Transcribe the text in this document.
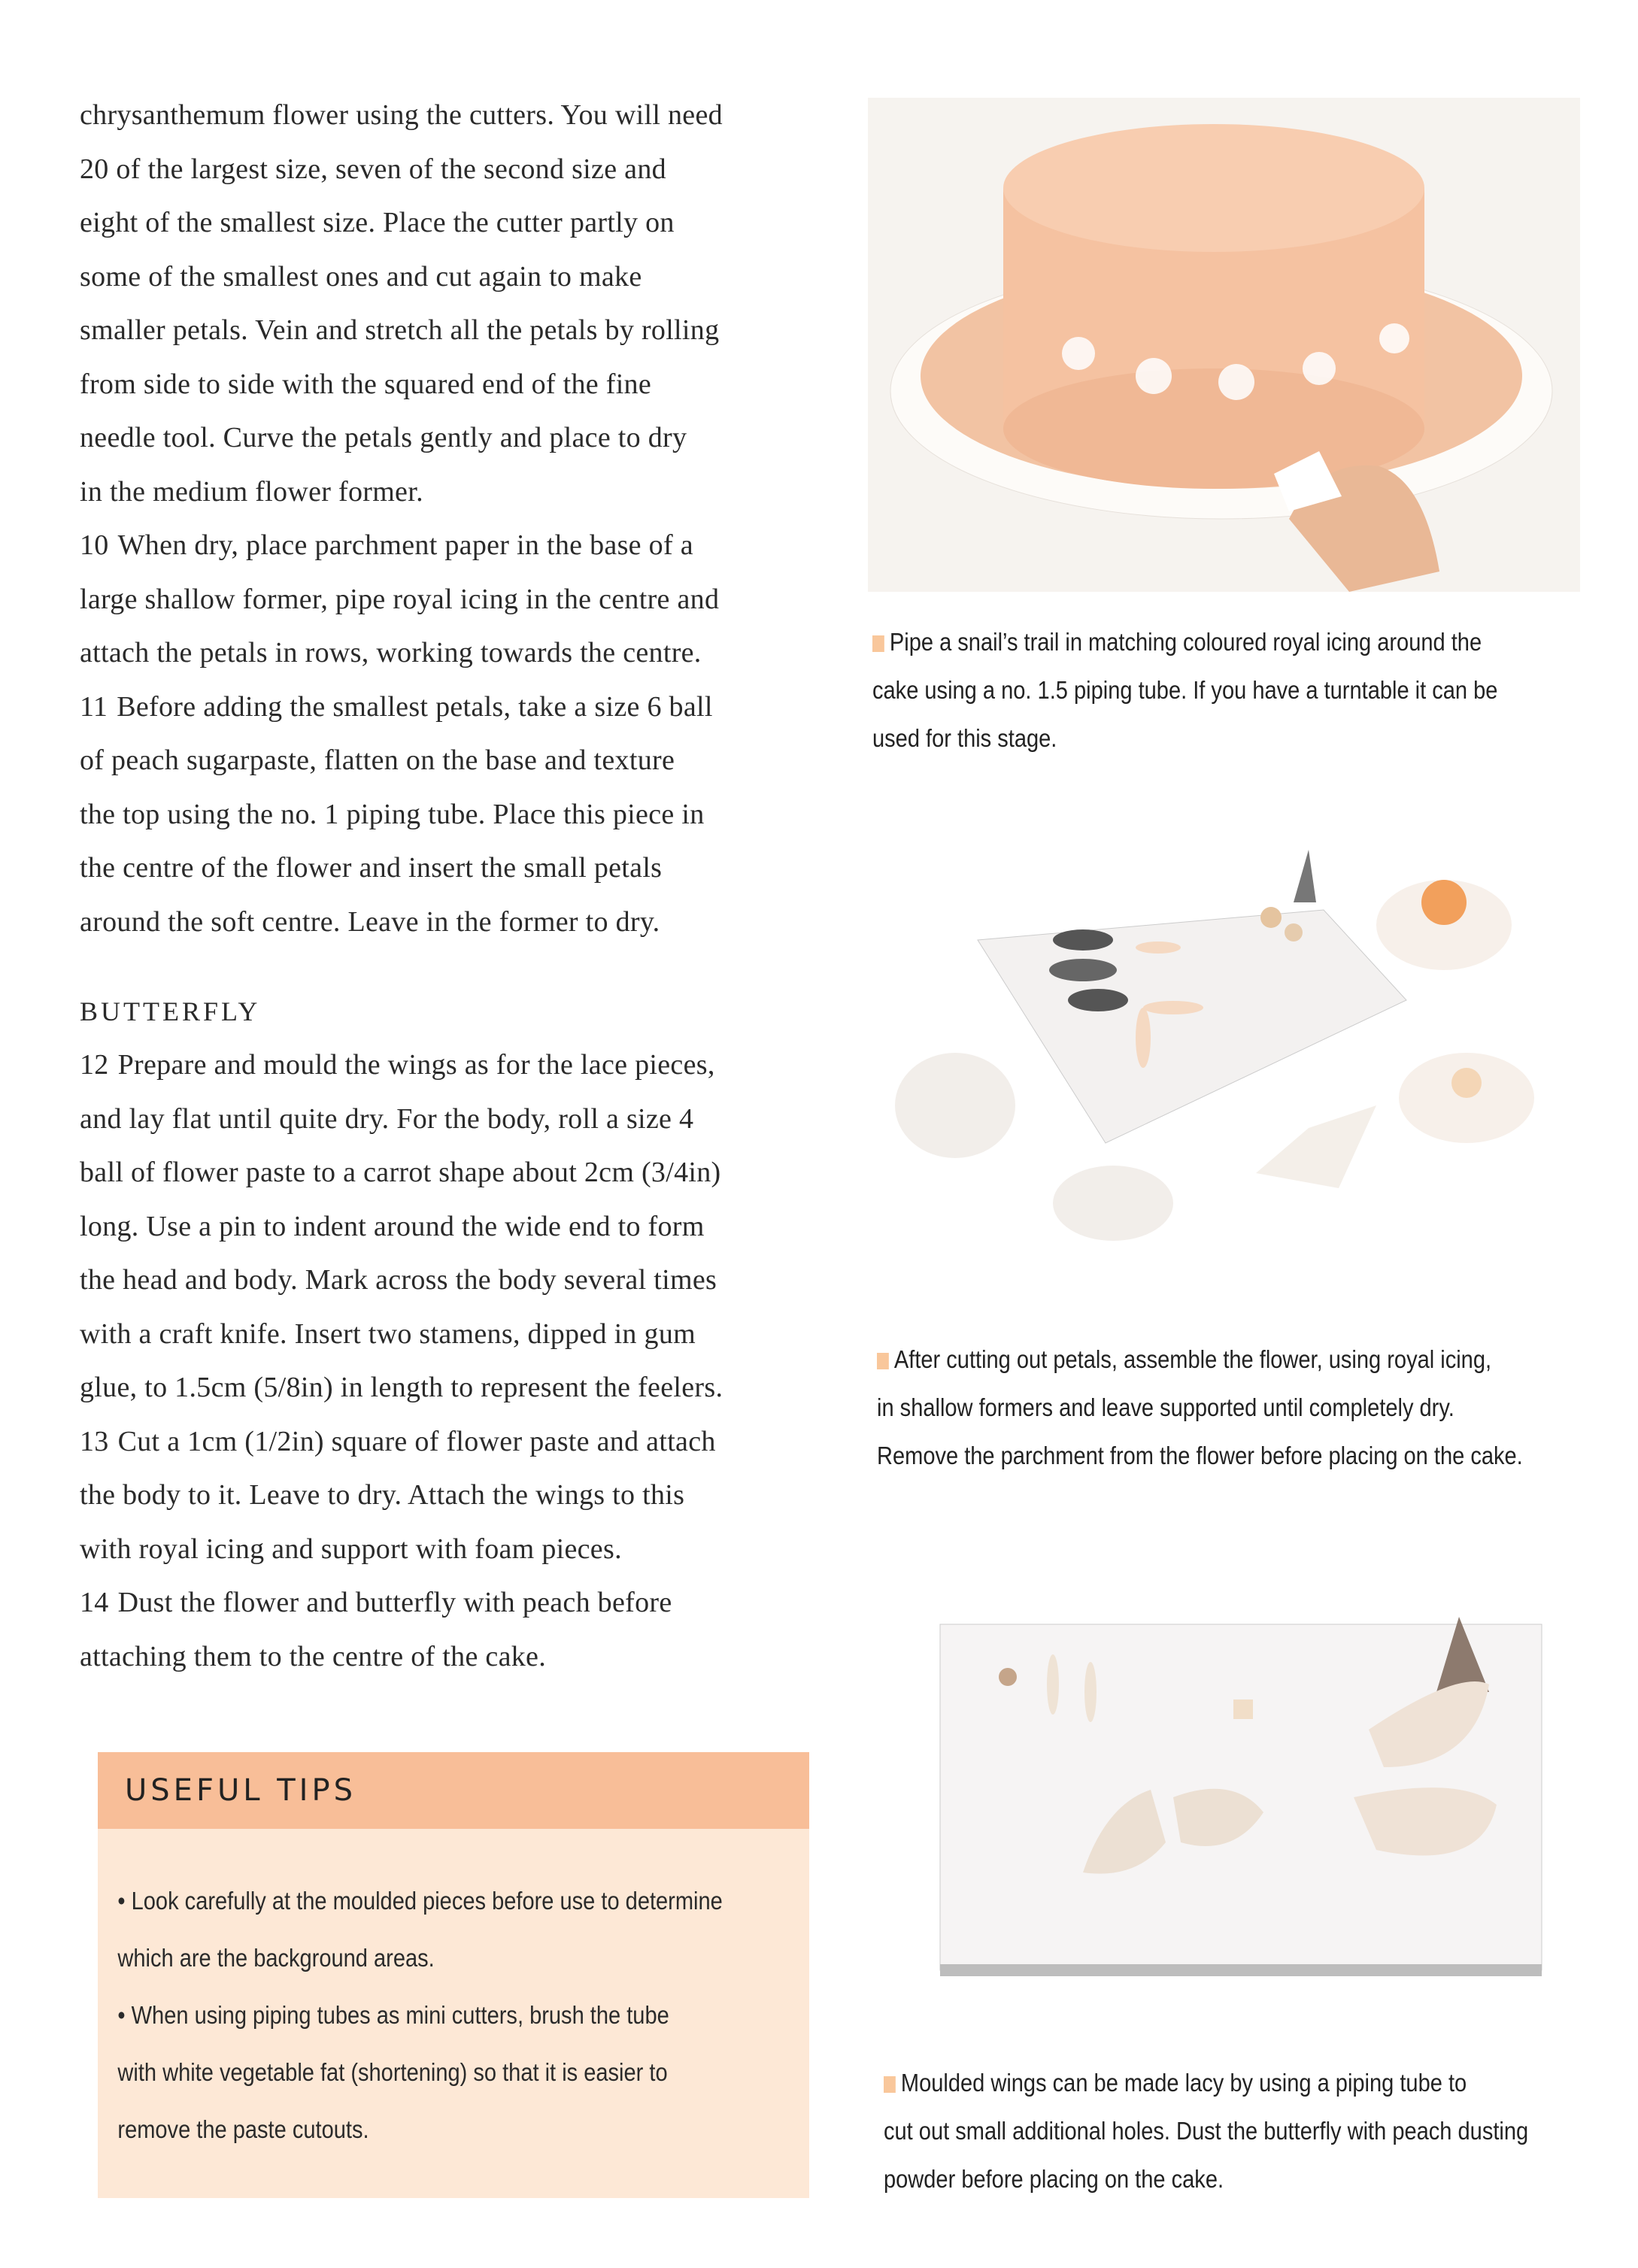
chrysanthemum flower using the cutters. You will need
20 of the largest size, seven of the second size and
eight of the smallest size. Place the cutter partly on
some of the smallest ones and cut again to make
smaller petals. Vein and stretch all the petals by rolling
from side to side with the squared end of the fine
needle tool. Curve the petals gently and place to dry
in the medium flower former.
10 When dry, place parchment paper in the base of a
large shallow former, pipe royal icing in the centre and
attach the petals in rows, working towards the centre.
11 Before adding the smallest petals, take a size 6 ball
of peach sugarpaste, flatten on the base and texture
the top using the no. 1 piping tube. Place this piece in
the centre of the flower and insert the small petals
around the soft centre. Leave in the former to dry.
BUTTERFLY
12 Prepare and mould the wings as for the lace pieces,
and lay flat until quite dry. For the body, roll a size 4
ball of flower paste to a carrot shape about 2cm (3/4in)
long. Use a pin to indent around the wide end to form
the head and body. Mark across the body several times
with a craft knife. Insert two stamens, dipped in gum
glue, to 1.5cm (5/8in) in length to represent the feelers.
13 Cut a 1cm (1/2in) square of flower paste and attach
the body to it. Leave to dry. Attach the wings to this
with royal icing and support with foam pieces.
14 Dust the flower and butterfly with peach before
attaching them to the centre of the cake.
USEFUL TIPS
• Look carefully at the moulded pieces before use to determine
which are the background areas.
• When using piping tubes as mini cutters, brush the tube
with white vegetable fat (shortening) so that it is easier to
remove the paste cutouts.
Pipe a snail’s trail in matching coloured royal icing around the
cake using a no. 1.5 piping tube. If you have a turntable it can be
used for this stage.
After cutting out petals, assemble the flower, using royal icing,
in shallow formers and leave supported until completely dry.
Remove the parchment from the flower before placing on the cake.
Moulded wings can be made lacy by using a piping tube to
cut out small additional holes. Dust the butterfly with peach dusting
powder before placing on the cake.
